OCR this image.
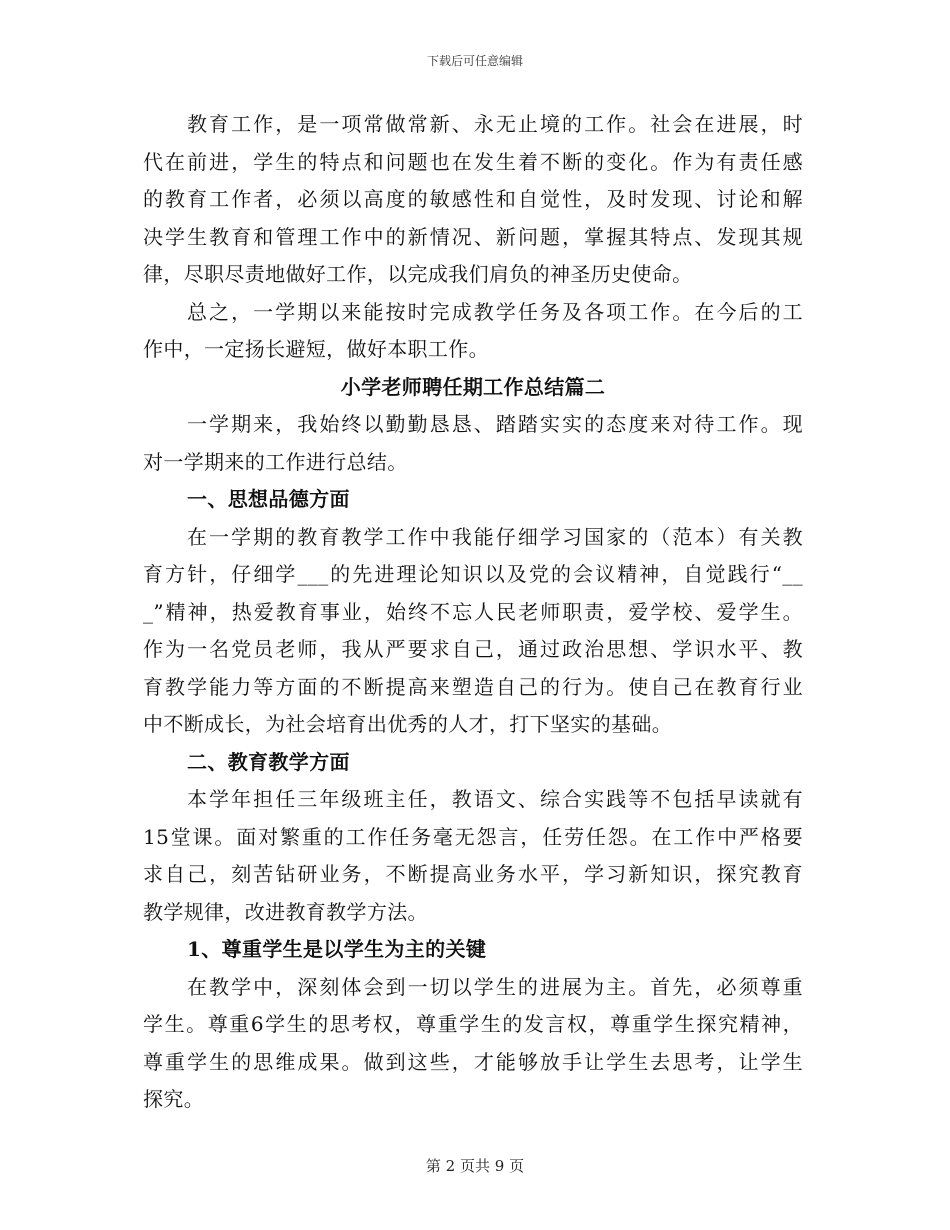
下载后可任意编辑
教育工作，是一项常做常新、永无止境的工作。社会在进展，时
代在前进，学生的特点和问题也在发生着不断的变化。作为有责任感
的教育工作者，必须以高度的敏感性和自觉性，及时发现、讨论和解
决学生教育和管理工作中的新情况、新问题，掌握其特点、发现其规
律，尽职尽责地做好工作，以完成我们肩负的神圣历史使命。
总之，一学期以来能按时完成教学任务及各项工作。在今后的工
作中，一定扬长避短，做好本职工作。
小学老师聘任期工作总结篇二
一学期来，我始终以勤勤恳恳、踏踏实实的态度来对待工作。现
对一学期来的工作进行总结。
一、思想品德方面
在一学期的教育教学工作中我能仔细学习国家的（范本）有关教
育方针，仔细学___的先进理论知识以及党的会议精神，自觉践行“__
_”精神，热爱教育事业，始终不忘人民老师职责，爱学校、爱学生。
作为一名党员老师，我从严要求自己，通过政治思想、学识水平、教
育教学能力等方面的不断提高来塑造自己的行为。使自己在教育行业
中不断成长，为社会培育出优秀的人才，打下坚实的基础。
二、教育教学方面
本学年担任三年级班主任，教语文、综合实践等不包括早读就有
15堂课。面对繁重的工作任务毫无怨言，任劳任怨。在工作中严格要
求自己，刻苦钻研业务，不断提高业务水平，学习新知识，探究教育
教学规律，改进教育教学方法。
1、尊重学生是以学生为主的关键
在教学中，深刻体会到一切以学生的进展为主。首先，必须尊重
学生。尊重6学生的思考权，尊重学生的发言权，尊重学生探究精神，
尊重学生的思维成果。做到这些，才能够放手让学生去思考，让学生
探究。
第 2 页共 9 页
